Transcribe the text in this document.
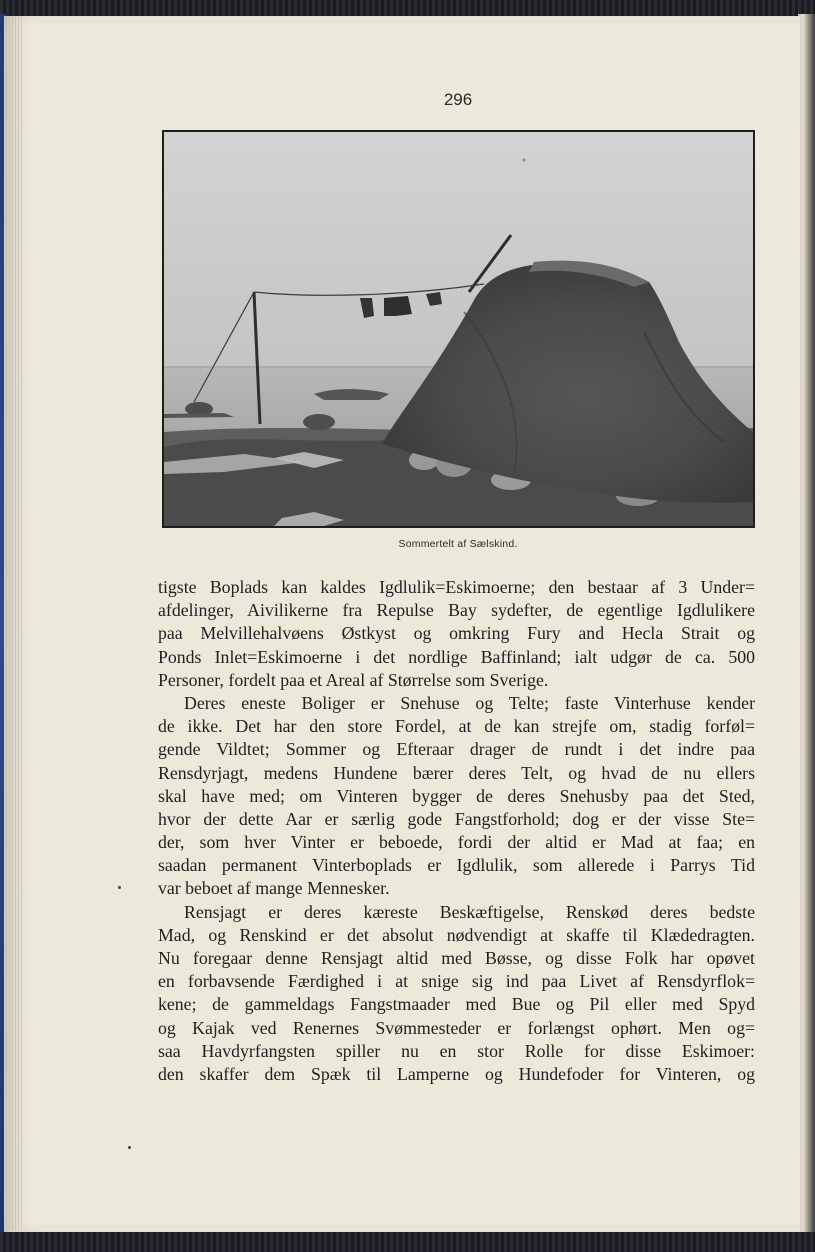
296
Sommertelt af Sælskind.
tigste Boplads kan kaldes Igdlulik=Eskimoerne; den bestaar af 3 Under=
afdelinger, Aivilikerne fra Repulse Bay sydefter, de egentlige Igdlulikere
paa Melvillehalvøens Østkyst og omkring Fury and Hecla Strait og
Ponds Inlet=Eskimoerne i det nordlige Baffinland; ialt udgør de ca. 500
Personer, fordelt paa et Areal af Størrelse som Sverige.
Deres eneste Boliger er Snehuse og Telte; faste Vinterhuse kender
de ikke. Det har den store Fordel, at de kan strejfe om, stadig forføl=
gende Vildtet; Sommer og Efteraar drager de rundt i det indre paa
Rensdyrjagt, medens Hundene bærer deres Telt, og hvad de nu ellers
skal have med; om Vinteren bygger de deres Snehusby paa det Sted,
hvor der dette Aar er særlig gode Fangstforhold; dog er der visse Ste=
der, som hver Vinter er beboede, fordi der altid er Mad at faa; en
saadan permanent Vinterboplads er Igdlulik, som allerede i Parrys Tid
var beboet af mange Mennesker.
Rensjagt er deres kæreste Beskæftigelse, Renskød deres bedste
Mad, og Renskind er det absolut nødvendigt at skaffe til Klædedragten.
Nu foregaar denne Rensjagt altid med Bøsse, og disse Folk har opøvet
en forbavsende Færdighed i at snige sig ind paa Livet af Rensdyrflok=
kene; de gammeldags Fangstmaader med Bue og Pil eller med Spyd
og Kajak ved Renernes Svømmesteder er forlængst ophørt. Men og=
saa Havdyrfangsten spiller nu en stor Rolle for disse Eskimoer:
den skaffer dem Spæk til Lamperne og Hundefoder for Vinteren, og
